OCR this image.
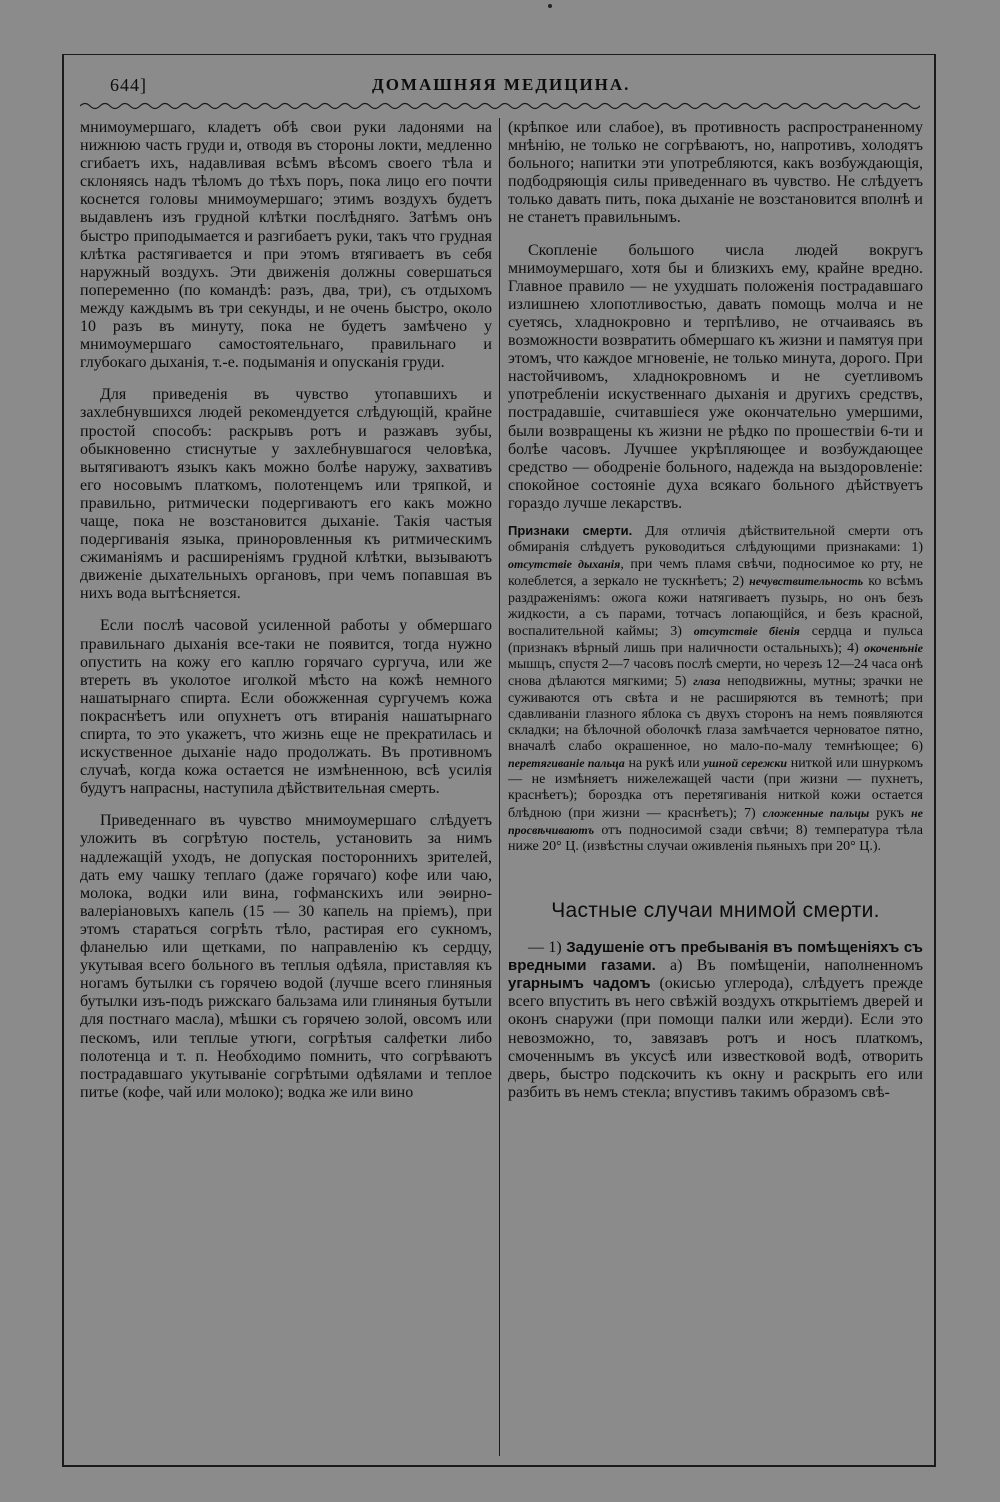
644]	ДОМАШНЯЯ МЕДИЦИНА.

мнимоумершаго, кладетъ обѣ свои руки ладонями на нижнюю часть груди и, отводя въ стороны локти, медленно сгибаетъ ихъ, надавливая всѣмъ вѣсомъ своего тѣла и склоняясь надъ тѣломъ до тѣхъ поръ, пока лицо его почти коснется головы мнимоумершаго; этимъ воздухъ будетъ выдавленъ изъ грудной клѣтки послѣдняго. Затѣмъ онъ быстро приподымается и разгибаетъ руки, такъ что грудная клѣтка растягивается и при этомъ втягиваетъ въ себя наружный воздухъ. Эти движенія должны совершаться попеременно (по командѣ: разъ, два, три), съ отдыхомъ между каждымъ въ три секунды, и не очень быстро, около 10 разъ въ минуту, пока не будетъ замѣчено у мнимоумершаго самостоятельнаго, правильнаго и глубокаго дыханія, т.-е. подыманія и опусканія груди.

Для приведенія въ чувство утопавшихъ и захлебнувшихся людей рекомендуется слѣдующій, крайне простой способъ: раскрывъ ротъ и разжавъ зубы, обыкновенно стиснутые у захлебнувшагося человѣка, вытягиваютъ языкъ какъ можно болѣе наружу, захвативъ его носовымъ платкомъ, полотенцемъ или тряпкой, и правильно, ритмически подергиваютъ его какъ можно чаще, пока не возстановится дыханіе. Такія частыя подергиванія языка, приноровленныя къ ритмическимъ сжиманіямъ и расширеніямъ грудной клѣтки, вызываютъ движеніе дыхательныхъ органовъ, при чемъ попавшая въ нихъ вода вытѣсняется.

Если послѣ часовой усиленной работы у обмершаго правильнаго дыханія все-таки не появится, тогда нужно опустить на кожу его каплю горячаго сургуча, или же втереть въ уколотое иголкой мѣсто на кожѣ немного нашатырнаго спирта. Если обожженная сургучемъ кожа покраснѣетъ или опухнетъ отъ втиранія нашатырнаго спирта, то это укажетъ, что жизнь еще не прекратилась и искуственное дыханіе надо продолжать. Въ противномъ случаѣ, когда кожа остается не измѣненною, всѣ усилія будутъ напрасны, наступила дѣйствительная смерть.

Приведеннаго въ чувство мнимоумершаго слѣдуетъ уложить въ согрѣтую постель, установить за нимъ надлежащій уходъ, не допуская постороннихъ зрителей, дать ему чашку теплаго (даже горячаго) кофе или чаю, молока, водки или вина, гофманскихъ или эѳирно-валеріановыхъ капель (15 — 30 капель на пріемъ), при этомъ стараться согрѣть тѣло, растирая его сукномъ, фланелью или щетками, по направленію къ сердцу, укутывая всего больного въ теплыя одѣяла, приставляя къ ногамъ бутылки съ горячею водой (лучше всего глиняныя бутылки изъ-подъ рижскаго бальзама или глиняныя бутыли для постнаго масла), мѣшки съ горячею золой, овсомъ или пескомъ, или теплые утюги, согрѣтыя салфетки либо полотенца и т. п. Необходимо помнить, что согрѣваютъ пострадавшаго укутываніе согрѣтыми одѣялами и теплое питье (кофе, чай или молоко); водка же или вино

(крѣпкое или слабое), въ противность распространенному мнѣнію, не только не согрѣваютъ, но, напротивъ, холодятъ больного; напитки эти употребляются, какъ возбуждающія, подбодряющія силы приведеннаго въ чувство. Не слѣдуетъ только давать пить, пока дыханіе не возстановится вполнѣ и не станетъ правильнымъ.

Скопленіе большого числа людей вокругъ мнимоумершаго, хотя бы и близкихъ ему, крайне вредно. Главное правило — не ухудшать положенія пострадавшаго излишнею хлопотливостью, давать помощь молча и не суетясь, хладнокровно и терпѣливо, не отчаиваясь въ возможности возвратить обмершаго къ жизни и памятуя при этомъ, что каждое мгновеніе, не только минута, дорого. При настойчивомъ, хладнокровномъ и не суетливомъ употребленіи искуственнаго дыханія и другихъ средствъ, пострадавшіе, считавшіеся уже окончательно умершими, были возвращены къ жизни не рѣдко по прошествіи 6-ти и болѣе часовъ. Лучшее укрѣпляющее и возбуждающее средство — ободреніе больного, надежда на выздоровленіе: спокойное состояніе духа всякаго больного дѣйствуетъ гораздо лучше лекарствъ.

Признаки смерти. Для отличія дѣйствительной смерти отъ обмиранія слѣдуетъ руководиться слѣдующими признаками: 1) отсутствіе дыханія, при чемъ пламя свѣчи, подносимое ко рту, не колеблется, а зеркало не тускнѣетъ; 2) нечувствительность ко всѣмъ раздраженіямъ: ожога кожи натягиваетъ пузырь, но онъ безъ жидкости, а съ парами, тотчасъ лопающійся, и безъ красной, воспалительной каймы; 3) отсутствіе біенія сердца и пульса (признакъ вѣрный лишь при наличности остальныхъ); 4) окоченѣніе мышцъ, спустя 2—7 часовъ послѣ смерти, но черезъ 12—24 часа онѣ снова дѣлаются мягкими; 5) глаза неподвижны, мутны; зрачки не суживаются отъ свѣта и не расширяются въ темнотѣ; при сдавливаніи глазного яблока съ двухъ сторонъ на немъ появляются складки; на бѣлочной оболочкѣ глаза замѣчается черноватое пятно, вначалѣ слабо окрашенное, но мало-по-малу темнѣющее; 6) перетягиваніе пальца на рукѣ или ушной сережки ниткой или шнуркомъ — не измѣняетъ нижележащей части (при жизни — пухнетъ, краснѣетъ); бороздка отъ перетягиванія ниткой кожи остается блѣдною (при жизни — краснѣетъ); 7) сложенные пальцы рукъ не просвѣчиваютъ отъ подносимой сзади свѣчи; 8) температура тѣла ниже 20° Ц. (извѣстны случаи оживленія пьяныхъ при 20° Ц.).

Частные случаи мнимой смерти.

— 1) Задушеніе отъ пребыванія въ помѣщеніяхъ съ вредными газами. а) Въ помѣщеніи, наполненномъ угарнымъ чадомъ (окисью углерода), слѣдуетъ прежде всего впустить въ него свѣжій воздухъ открытіемъ дверей и оконъ снаружи (при помощи палки или жерди). Если это невозможно, то, завязавъ ротъ и носъ платкомъ, смоченнымъ въ уксусѣ или известковой водѣ, отворить дверь, быстро подскочить къ окну и раскрыть его или разбить въ немъ стекла; впустивъ такимъ образомъ свѣ-
